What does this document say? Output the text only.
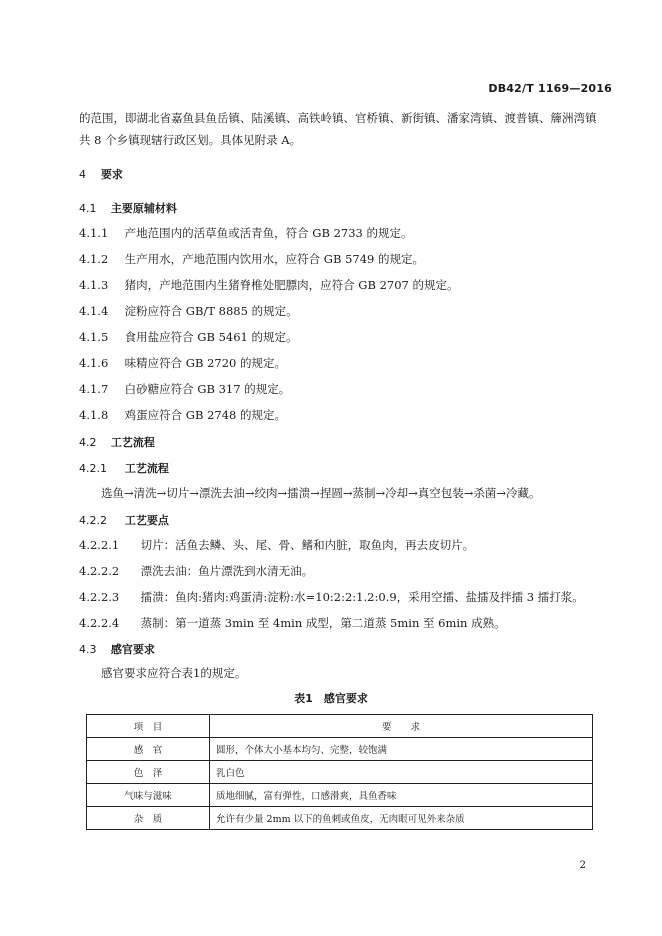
DB42/T 1169—2016
的范围，即湖北省嘉鱼县鱼岳镇、陆溪镇、高铁岭镇、官桥镇、新街镇、潘家湾镇、渡普镇、簰洲湾镇
共 8 个乡镇现辖行政区划。具体见附录 A。
4 要求
4.1 主要原辅材料
4.1.1 产地范围内的活草鱼或活青鱼，符合 GB 2733 的规定。
4.1.2 生产用水，产地范围内饮用水，应符合 GB 5749 的规定。
4.1.3 猪肉，产地范围内生猪脊椎处肥膘肉，应符合 GB 2707 的规定。
4.1.4 淀粉应符合 GB/T 8885 的规定。
4.1.5 食用盐应符合 GB 5461 的规定。
4.1.6 味精应符合 GB 2720 的规定。
4.1.7 白砂糖应符合 GB 317 的规定。
4.1.8 鸡蛋应符合 GB 2748 的规定。
4.2 工艺流程
4.2.1 工艺流程
选鱼→清洗→切片→漂洗去油→绞肉→擂溃→捏圆→蒸制→冷却→真空包装→杀菌→冷藏。
4.2.2 工艺要点
4.2.2.1 切片：活鱼去鳞、头、尾、骨、鳍和内脏，取鱼肉，再去皮切片。
4.2.2.2 漂洗去油：鱼片漂洗到水清无油。
4.2.2.3 擂溃：鱼肉:猪肉:鸡蛋清:淀粉:水=10:2:2:1.2:0.9，采用空擂、盐擂及拌擂 3 擂打浆。
4.2.2.4 蒸制：第一道蒸 3min 至 4min 成型，第二道蒸 5min 至 6min 成熟。
4.3 感官要求
感官要求应符合表1的规定。
表1　感官要求
项　目	要　　求
感　官	圆形，个体大小基本均匀、完整，较饱满
色　泽	乳白色
气味与滋味	质地细腻，富有弹性，口感滑爽，具鱼香味
杂　质	允许有少量 2mm 以下的鱼刺或鱼皮，无肉眼可见外来杂质
2
